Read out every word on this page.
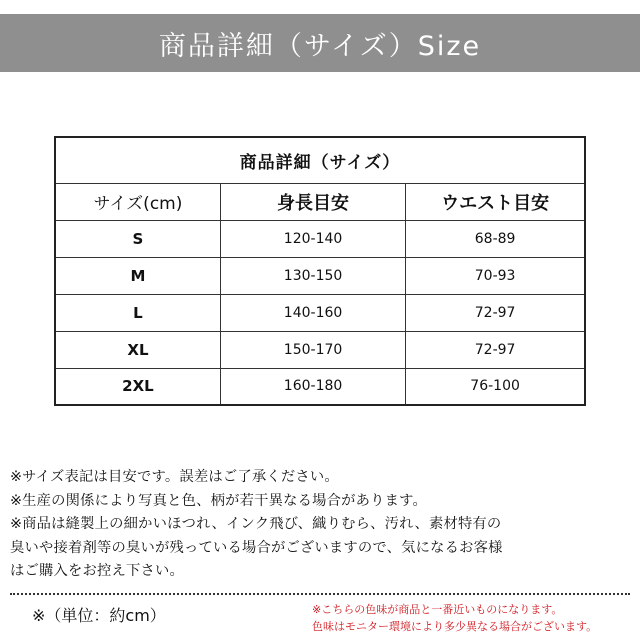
商品詳細（サイズ）Size
商品詳細（サイズ）		
サイズ(cm)	身長目安	ウエスト目安
S	120-140	68-89
M	130-150	70-93
L	140-160	72-97
XL	150-170	72-97
2XL	160-180	76-100
※サイズ表記は目安です。誤差はご了承ください。
※生産の関係により写真と色、柄が若干異なる場合があります。
※商品は縫製上の細かいほつれ、インク飛び、織りむら、汚れ、素材特有の
臭いや接着剤等の臭いが残っている場合がございますので、気になるお客様
はご購入をお控え下さい。
※（単位：約cm）	※こちらの色味が商品と一番近いものになります。
色味はモニター環境により多少異なる場合がございます。
